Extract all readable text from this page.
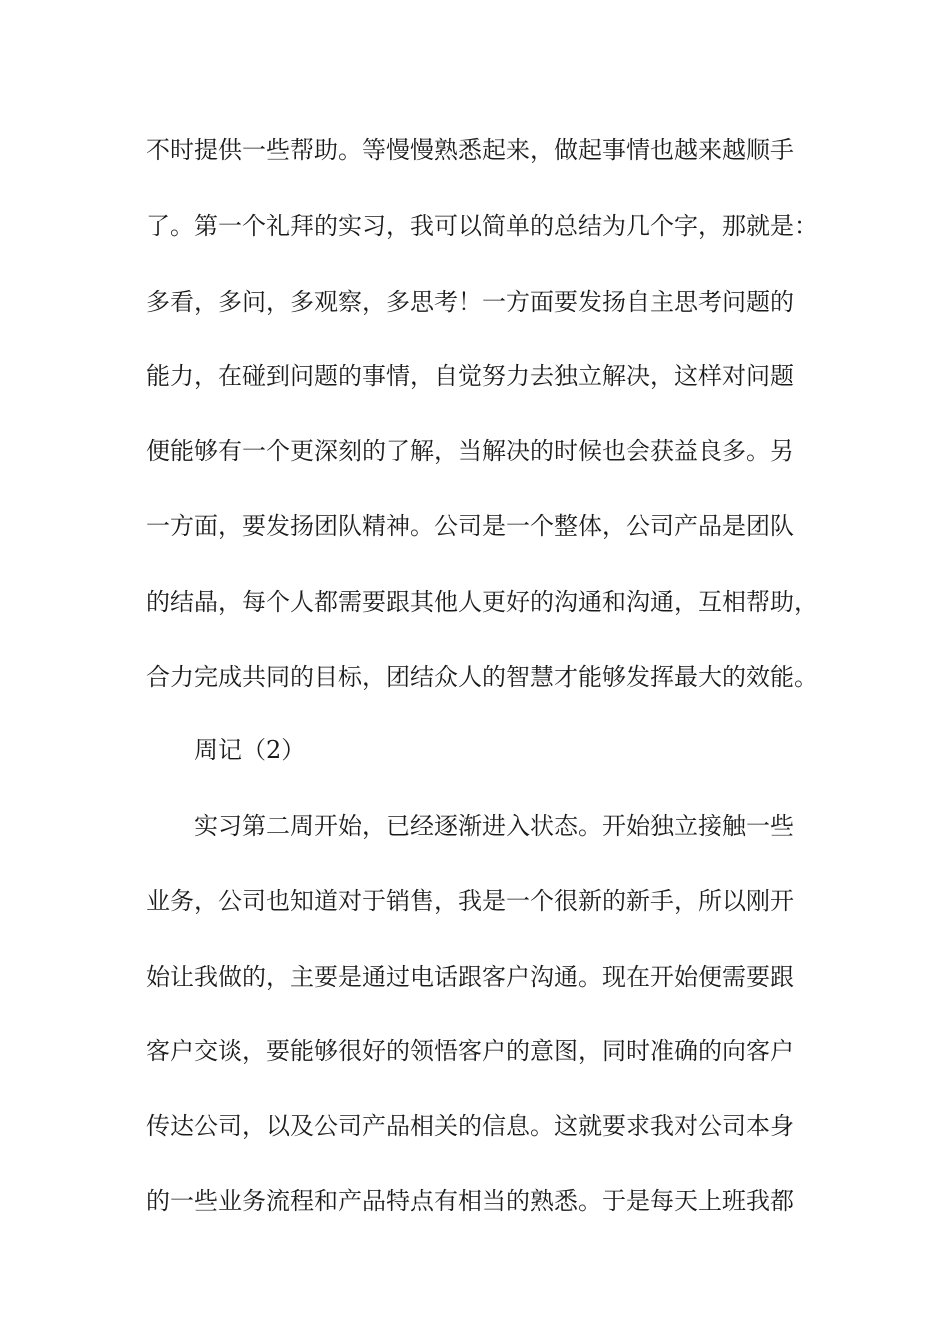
不时提供一些帮助。等慢慢熟悉起来，做起事情也越来越顺手
了。第一个礼拜的实习，我可以简单的总结为几个字，那就是：
多看，多问，多观察，多思考！一方面要发扬自主思考问题的
能力，在碰到问题的事情，自觉努力去独立解决，这样对问题
便能够有一个更深刻的了解，当解决的时候也会获益良多。另
一方面，要发扬团队精神。公司是一个整体，公司产品是团队
的结晶，每个人都需要跟其他人更好的沟通和沟通，互相帮助，
合力完成共同的目标，团结众人的智慧才能够发挥最大的效能。
周记（2）
实习第二周开始，已经逐渐进入状态。开始独立接触一些
业务，公司也知道对于销售，我是一个很新的新手，所以刚开
始让我做的，主要是通过电话跟客户沟通。现在开始便需要跟
客户交谈，要能够很好的领悟客户的意图，同时准确的向客户
传达公司，以及公司产品相关的信息。这就要求我对公司本身
的一些业务流程和产品特点有相当的熟悉。于是每天上班我都
